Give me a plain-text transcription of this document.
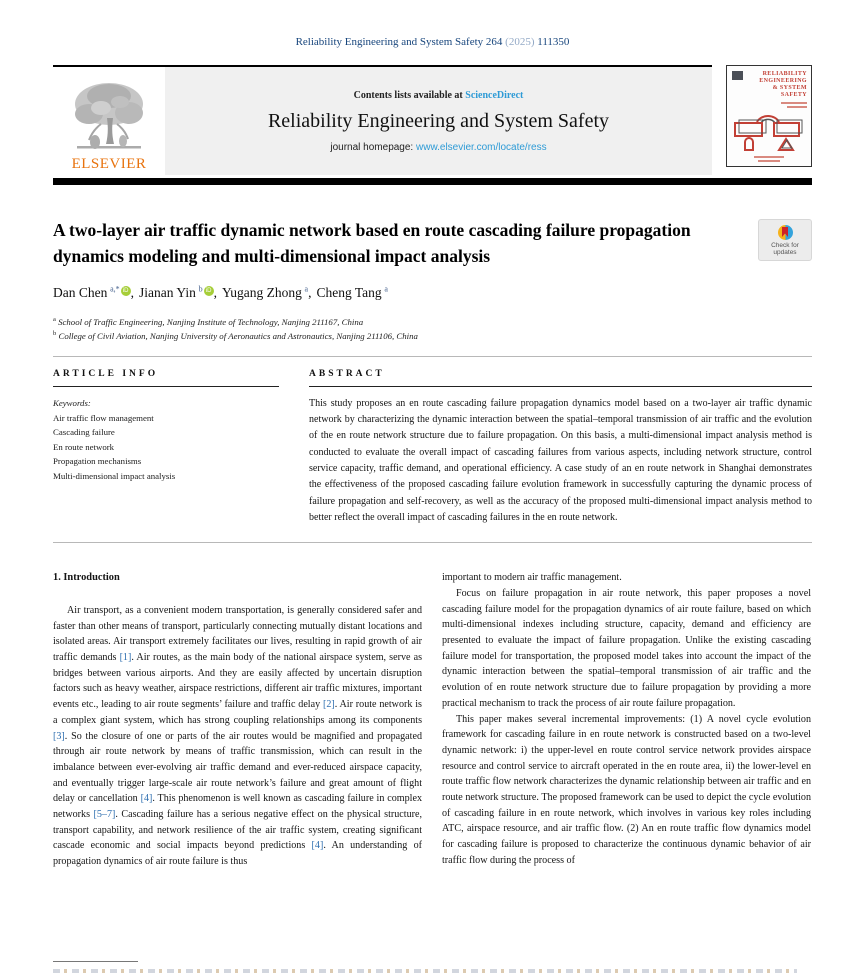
Reliability Engineering and System Safety 264 (2025) 111350
ELSEVIER
Contents lists available at ScienceDirect
Reliability Engineering and System Safety
journal homepage: www.elsevier.com/locate/ress
RELIABILITY
ENGINEERING
& SYSTEM
SAFETY
A two-layer air traffic dynamic network based en route cascading failure propagation dynamics modeling and multi-dimensional impact analysis
Check for
updates
Dan Chen  $^{a,*}$ iD , Jianan Yin  $^b$ iD , Yugang Zhong  $^a$, Cheng Tang  $^a$
$^a$ School of Traffic Engineering, Nanjing Institute of Technology, Nanjing 211167, China
$^b$ College of Civil Aviation, Nanjing University of Aeronautics and Astronautics, Nanjing 211106, China
ARTICLE INFO
Keywords:
Air traffic flow management
Cascading failure
En route network
Propagation mechanisms
Multi-dimensional impact analysis
ABSTRACT
This study proposes an en route cascading failure propagation dynamics model based on a two-layer air traffic dynamic network by characterizing the dynamic interaction between the spatial–temporal transmission of air traffic and the evolution of the en route network structure due to failure propagation. On this basis, a multi-dimensional impact analysis method is conducted to evaluate the overall impact of cascading failures from various aspects, including network structure, control service capacity, traffic demand, and operational efficiency. A case study of an en route network in Shanghai demonstrates the effectiveness of the proposed cascading failure evolution framework in successfully capturing the dynamic process of failure propagation and self-recovery, as well as the accuracy of the proposed multi-dimensional impact analysis method to better reflect the overall impact of cascading failures in the en route network.
1. Introduction

Air transport, as a convenient modern transportation, is generally considered safer and faster than other means of transport, particularly connecting mutually distant locations and isolated areas. Air transport extremely facilitates our lives, resulting in rapid growth of air traffic demands [1]. Air routes, as the main body of the national airspace system, serve as bridges between various airports. And they are easily affected by uncertain disruption factors such as heavy weather, airspace restrictions, different air traffic mixtures, important events etc., leading to air route segments’ failure and traffic delay [2]. Air route network is a complex giant system, which has strong coupling relationships among its components [3]. So the closure of one or parts of the air routes would be magnified and propagated through air route network by means of traffic transmission, which can result in the imbalance between ever-evolving air traffic demand and ever-reduced airspace capacity, and eventually trigger large-scale air route network’s failure and great amount of flight delay or cancellation [4]. This phenomenon is well known as cascading failure in complex networks [5–7]. Cascading failure has a serious negative effect on the physical structure, transport capability, and network resilience of the air traffic system, creating significant cascade economic and social impacts beyond predictions [4]. An understanding of propagation dynamics of air route failure is thus

important to modern air traffic management.

Focus on failure propagation in air route network, this paper proposes a novel cascading failure model for the propagation dynamics of air route failure, based on which multi-dimensional indexes including structure, capacity, demand and efficiency are presented to evaluate the impact of failure propagation. Unlike the existing cascading failure model for transportation, the proposed model takes into account the impact of the dynamic interaction between the spatial–temporal transmission of air traffic and the evolution of en route network structure due to failure propagation by providing a more practical mechanism to track the process of air route failure propagation.

This paper makes several incremental improvements: (1) A novel cycle evolution framework for cascading failure in en route network is constructed based on a two-level dynamic network: i) the upper-level en route control service network provides airspace resource and control service to aircraft operated in the en route area, ii) the lower-level en route traffic flow network characterizes the dynamic relationship between air traffic and en route network structure. The proposed framework can be used to depict the cycle evolution of cascading failure in en route network, which involves in various key roles including ATC, airspace resource, and air traffic flow. (2) An en route traffic flow dynamics model for cascading failure is proposed to characterize the continuous dynamic behavior of air traffic flow during the process of
